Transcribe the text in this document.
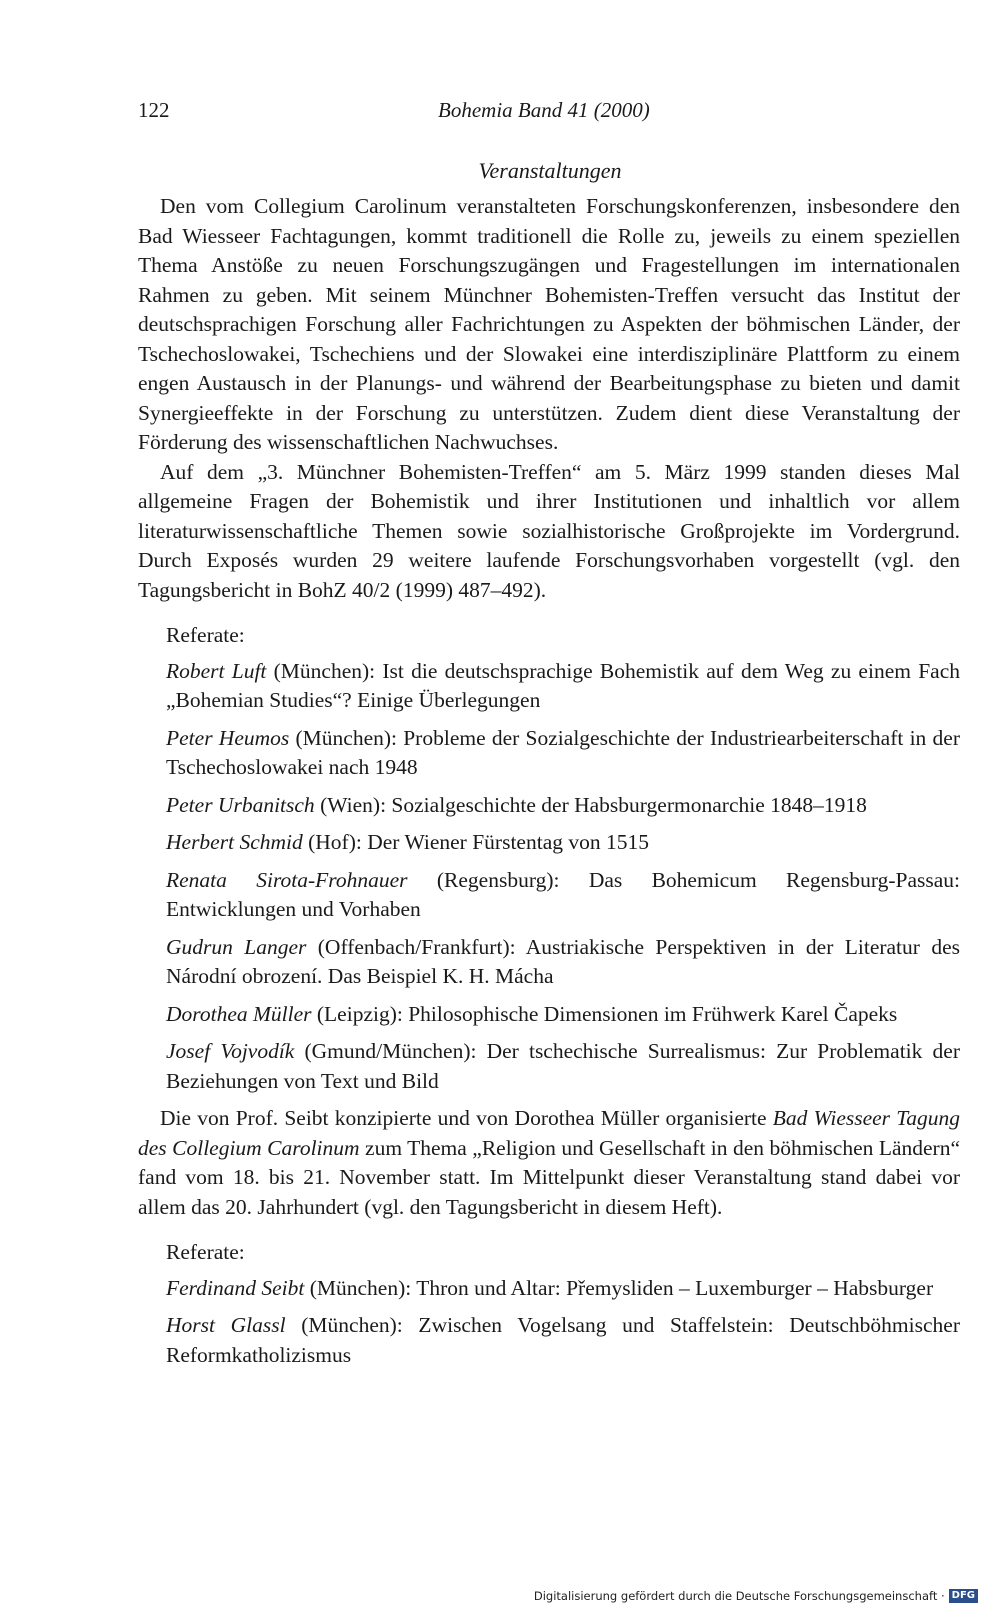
122	Bohemia Band 41 (2000)
Veranstaltungen

Den vom Collegium Carolinum veranstalteten Forschungskonferenzen, insbesondere den Bad Wiesseer Fachtagungen, kommt traditionell die Rolle zu, jeweils zu einem speziellen Thema Anstöße zu neuen Forschungszugängen und Fragestellungen im internationalen Rahmen zu geben. Mit seinem Münchner Bohemisten-Treffen versucht das Institut der deutschsprachigen Forschung aller Fachrichtungen zu Aspekten der böhmischen Länder, der Tschechoslowakei, Tschechiens und der Slowakei eine interdisziplinäre Plattform zu einem engen Austausch in der Planungs- und während der Bearbeitungsphase zu bieten und damit Synergieeffekte in der Forschung zu unterstützen. Zudem dient diese Veranstaltung der Förderung des wissenschaftlichen Nachwuchses.

Auf dem „3. Münchner Bohemisten-Treffen“ am 5. März 1999 standen dieses Mal allgemeine Fragen der Bohemistik und ihrer Institutionen und inhaltlich vor allem literaturwissenschaftliche Themen sowie sozialhistorische Großprojekte im Vordergrund. Durch Exposés wurden 29 weitere laufende Forschungsvorhaben vorgestellt (vgl. den Tagungsbericht in BohZ 40/2 (1999) 487–492).

Referate:
Robert Luft (München): Ist die deutschsprachige Bohemistik auf dem Weg zu einem Fach „Bohemian Studies“? Einige Überlegungen
Peter Heumos (München): Probleme der Sozialgeschichte der Industriearbeiterschaft in der Tschechoslowakei nach 1948
Peter Urbanitsch (Wien): Sozialgeschichte der Habsburgermonarchie 1848–1918
Herbert Schmid (Hof): Der Wiener Fürstentag von 1515
Renata Sirota-Frohnauer (Regensburg): Das Bohemicum Regensburg-Passau: Entwicklungen und Vorhaben
Gudrun Langer (Offenbach/Frankfurt): Austriakische Perspektiven in der Literatur des Národní obrození. Das Beispiel K. H. Mácha
Dorothea Müller (Leipzig): Philosophische Dimensionen im Frühwerk Karel Čapeks
Josef Vojvodík (Gmund/München): Der tschechische Surrealismus: Zur Problematik der Beziehungen von Text und Bild

Die von Prof. Seibt konzipierte und von Dorothea Müller organisierte Bad Wiesseer Tagung des Collegium Carolinum zum Thema „Religion und Gesellschaft in den böhmischen Ländern“ fand vom 18. bis 21. November statt. Im Mittelpunkt dieser Veranstaltung stand dabei vor allem das 20. Jahrhundert (vgl. den Tagungsbericht in diesem Heft).

Referate:
Ferdinand Seibt (München): Thron und Altar: Přemysliden – Luxemburger – Habsburger
Horst Glassl (München): Zwischen Vogelsang und Staffelstein: Deutschböhmischer Reformkatholizismus
Digitalisierung gefördert durch die Deutsche Forschungsgemeinschaft · DFG
